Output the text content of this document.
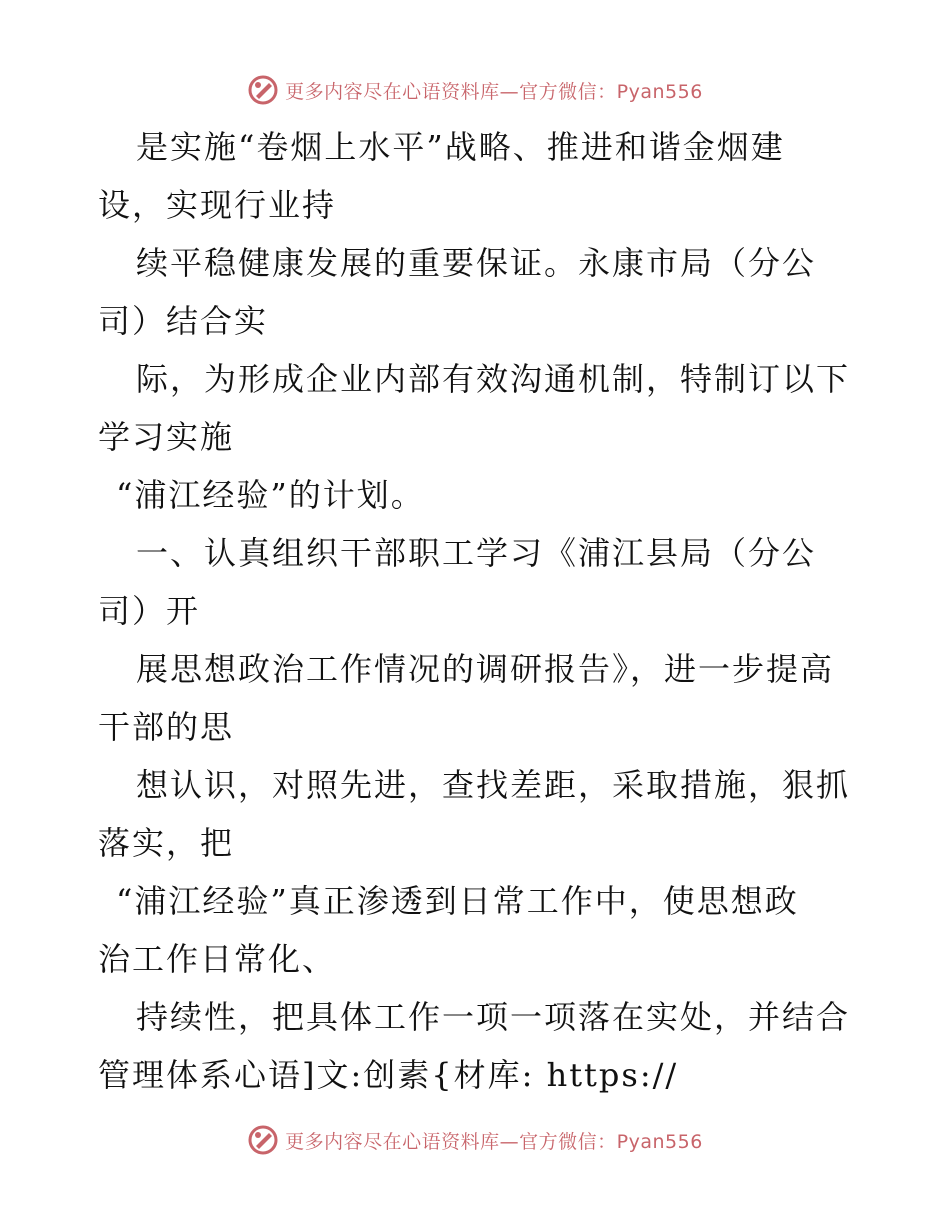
更多内容尽在心语资料库—官方微信：Pyan556
是实施“卷烟上水平”战略、推进和谐金烟建
设，实现行业持
续平稳健康发展的重要保证。永康市局（分公
司）结合实
际，为形成企业内部有效沟通机制，特制订以下
学习实施
“浦江经验”的计划。
一、认真组织干部职工学习《浦江县局（分公
司）开
展思想政治工作情况的调研报告》，进一步提高
干部的思
想认识，对照先进，查找差距，采取措施，狠抓
落实，把
“浦江经验”真正渗透到日常工作中，使思想政
治工作日常化、
持续性，把具体工作一项一项落在实处，并结合
管理体系心语]文:创素{材库: https://
更多内容尽在心语资料库—官方微信：Pyan556
